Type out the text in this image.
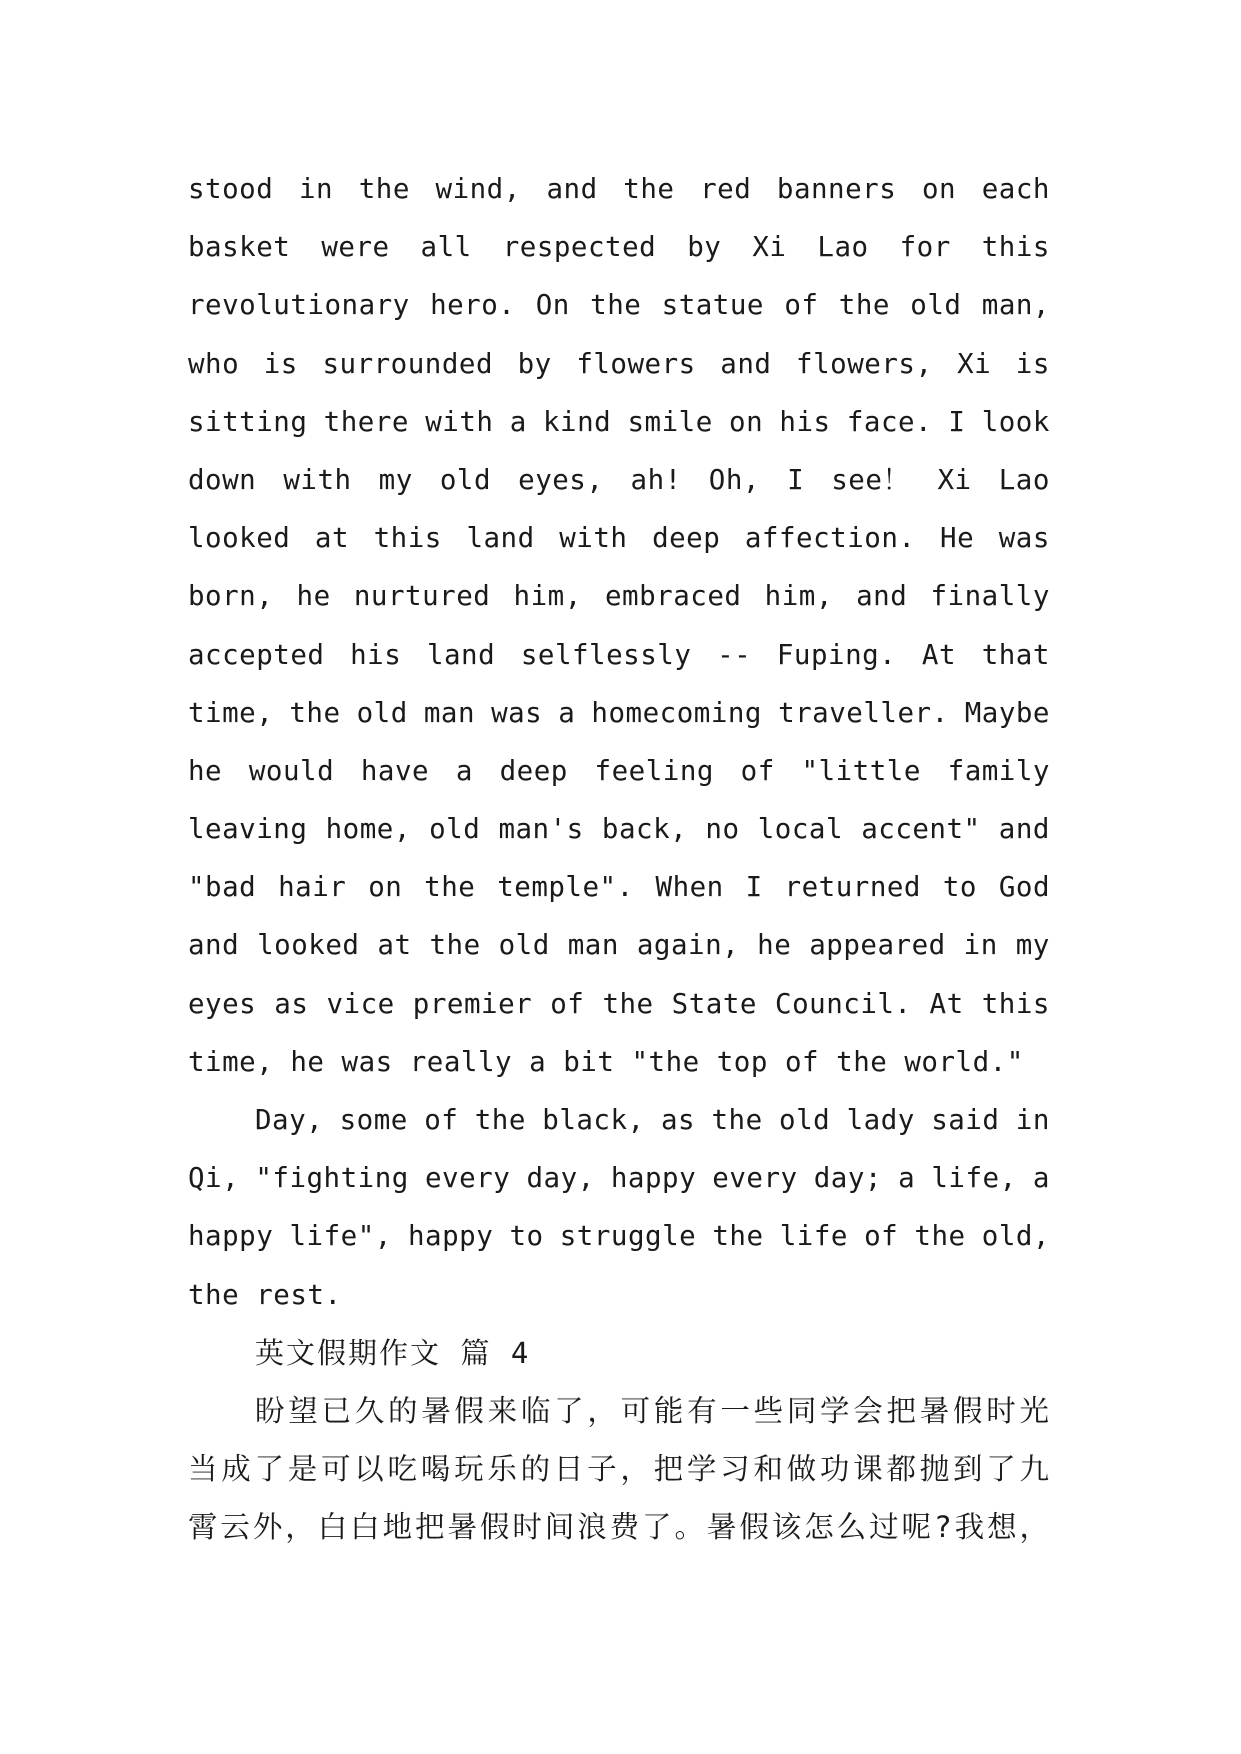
stood in the wind, and the red banners on each
basket were all respected by Xi Lao for this
revolutionary hero. On the statue of the old man,
who is surrounded by flowers and flowers, Xi is
sitting there with a kind smile on his face. I look
down with my old eyes, ah! Oh, I see！ Xi Lao
looked at this land with deep affection. He was
born, he nurtured him, embraced him, and finally
accepted his land selflessly -- Fuping. At that
time, the old man was a homecoming traveller. Maybe
he would have a deep feeling of "little family
leaving home, old man's back, no local accent" and
"bad hair on the temple". When I returned to God
and looked at the old man again, he appeared in my
eyes as vice premier of the State Council. At this
time, he was really a bit "the top of the world."
Day, some of the black, as the old lady said in
Qi, "fighting every day, happy every day; a life, a
happy life", happy to struggle the life of the old,
the rest.
英文假期作文 篇 4
盼望已久的暑假来临了，可能有一些同学会把暑假时光
当成了是可以吃喝玩乐的日子，把学习和做功课都抛到了九
霄云外，白白地把暑假时间浪费了。暑假该怎么过呢?我想，
